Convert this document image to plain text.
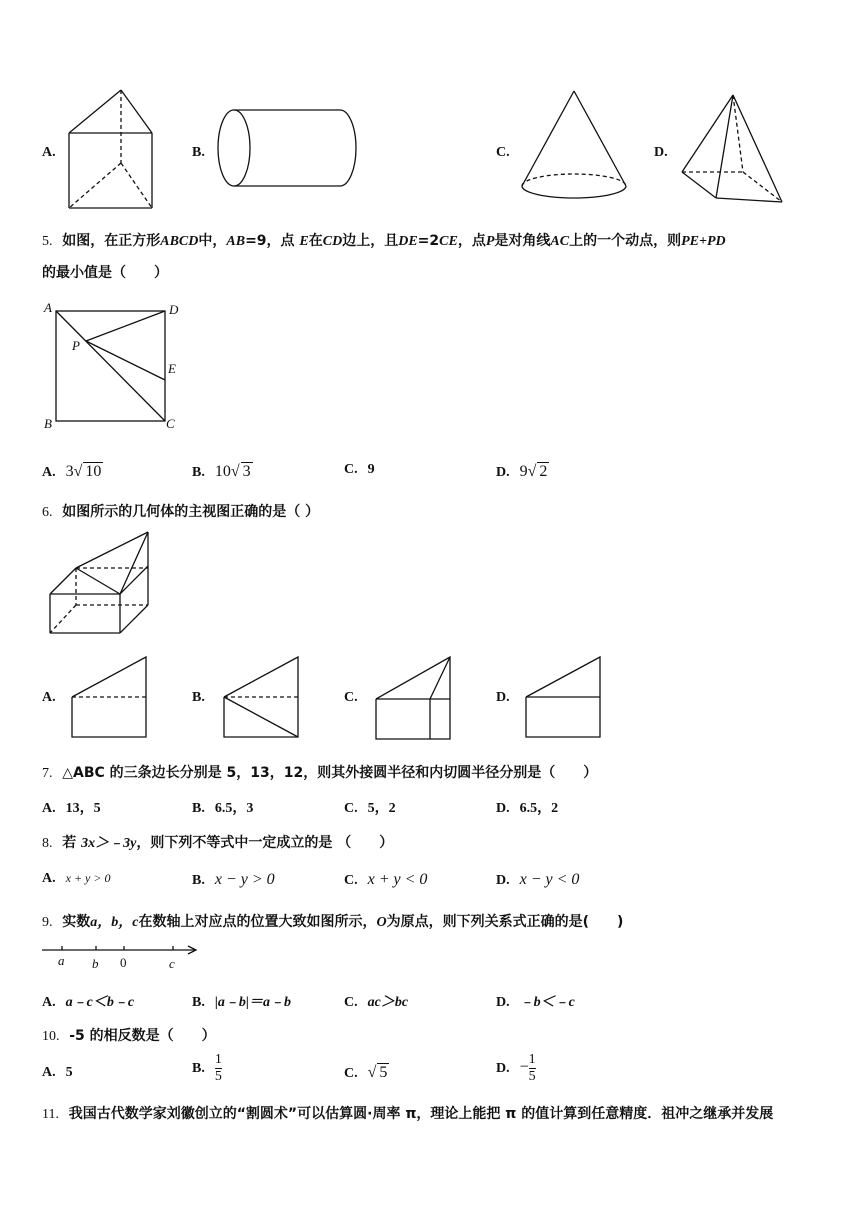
A.	B.	C.	D.
5. 如图，在正方形ABCD中，AB=9，点 E在CD边上，且DE=2CE，点P是对角线AC上的一个动点，则PE+PD
的最小值是（　　）
A	D
B	C
E
P
A. 3√ 10	B. 10√ 3	C. 9	D. 9√ 2
6. 如图所示的几何体的主视图正确的是（ ）
A.	B.	C.	D.
7. △ABC 的三条边长分别是 5，13，12，则其外接圆半径和内切圆半径分别是（　　）
A. 13，5	B. 6.5，3	C. 5，2	D. 6.5，2
8. 若 3x＞﹣3y，则下列不等式中一定成立的是 （　　）
A. x + y > 0	B. x − y > 0	C. x + y < 0	D. x − y < 0
9. 实数a，b，c在数轴上对应点的位置大致如图所示，O为原点，则下列关系式正确的是(　　)
a b 0	c
A. a﹣c＜b﹣c	B. |a﹣b|＝a﹣b	C. ac＞bc	D. ﹣b＜﹣c
10. -5 的相反数是（　　）
A. 5	B. $\frac{1}{5}$	C. √ 5	D. − $\frac{1}{5}$
11. 我国古代数学家刘徽创立的“割圆术”可以估算圆·周率 π，理论上能把 π 的值计算到任意精度．祖冲之继承并发展
